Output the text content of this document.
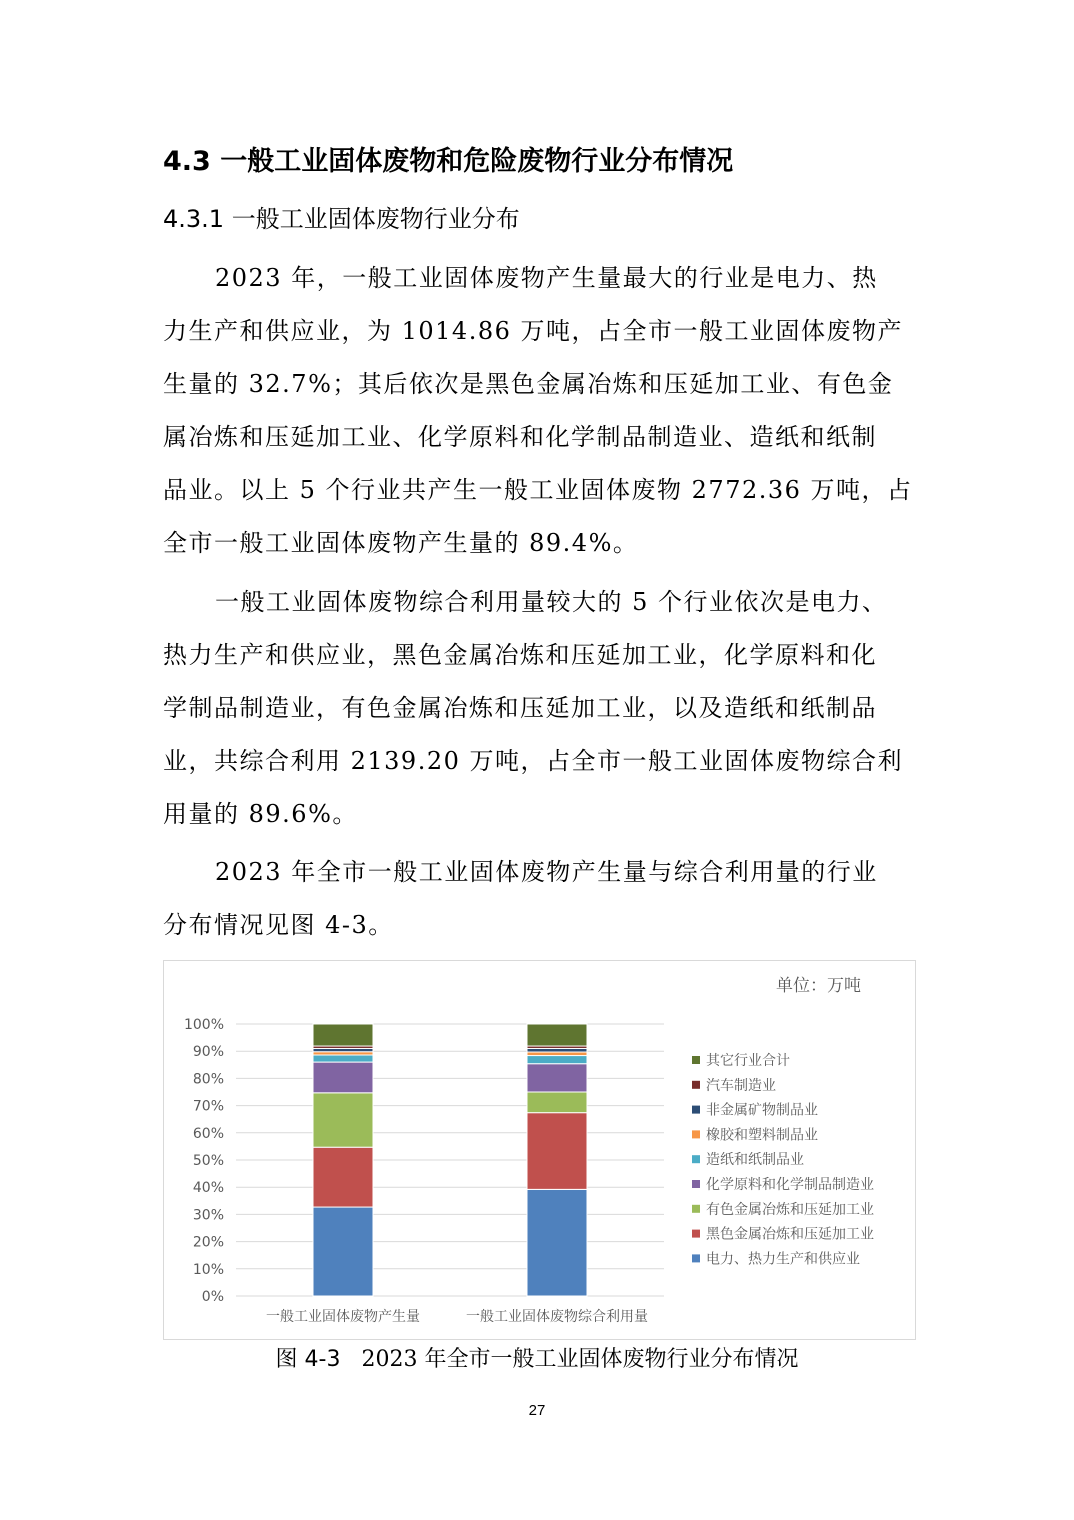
4.3 一般工业固体废物和危险废物行业分布情况
4.3.1 一般工业固体废物行业分布
2023 年，一般工业固体废物产生量最大的行业是电力、热
力生产和供应业，为 1014.86 万吨，占全市一般工业固体废物产
生量的 32.7%；其后依次是黑色金属冶炼和压延加工业、有色金
属冶炼和压延加工业、化学原料和化学制品制造业、造纸和纸制
品业。以上 5 个行业共产生一般工业固体废物 2772.36 万吨，占
全市一般工业固体废物产生量的 89.4%。
一般工业固体废物综合利用量较大的 5 个行业依次是电力、
热力生产和供应业，黑色金属冶炼和压延加工业，化学原料和化
学制品制造业，有色金属冶炼和压延加工业，以及造纸和纸制品
业，共综合利用 2139.20 万吨，占全市一般工业固体废物综合利
用量的 89.6%。
2023 年全市一般工业固体废物产生量与综合利用量的行业
分布情况见图 4-3。
0%
10%
20%
30%
40%
50%
60%
70%
80%
90%
100%
单位：万吨
一般工业固体废物产生量	一般工业固体废物综合利用量
其它行业合计
汽车制造业
非金属矿物制品业
橡胶和塑料制品业
造纸和纸制品业
化学原料和化学制品制造业
有色金属冶炼和压延加工业
黑色金属冶炼和压延加工业
电力、热力生产和供应业
图 4-3 2023 年全市一般工业固体废物行业分布情况
27
